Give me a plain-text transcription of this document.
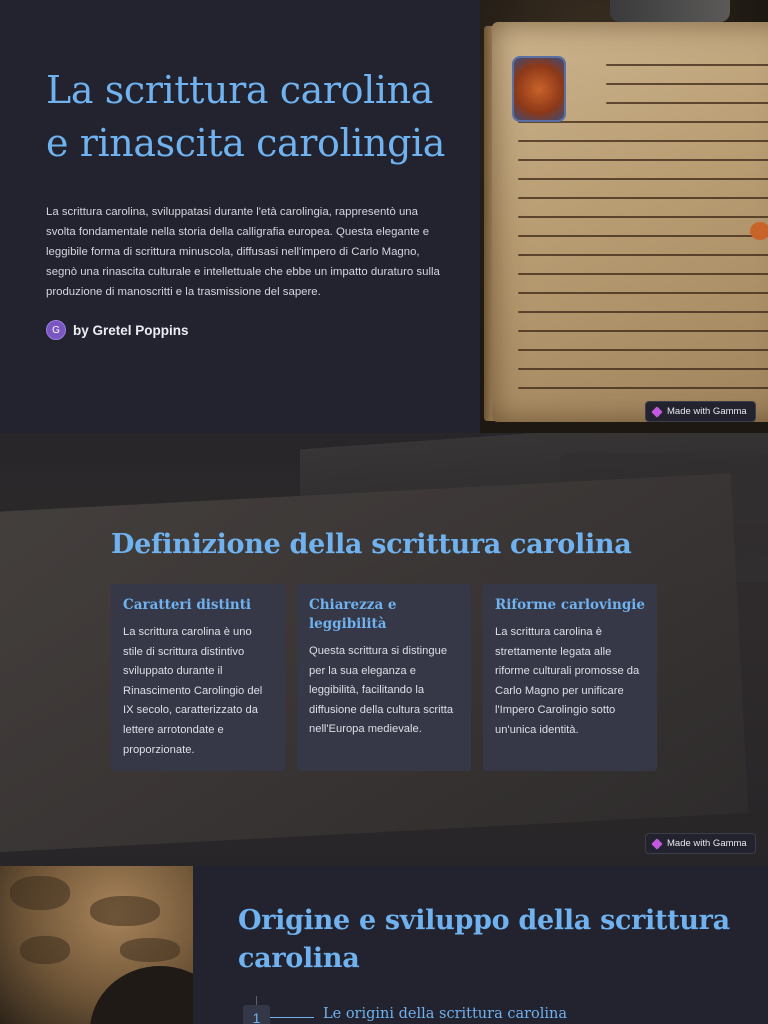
La scrittura carolina e rinascita carolingia

La scrittura carolina, sviluppatasi durante l'età carolingia, rappresentò una svolta fondamentale nella storia della calligrafia europea. Questa elegante e leggibile forma di scrittura minuscola, diffusasi nell'impero di Carlo Magno, segnò una rinascita culturale e intellettuale che ebbe un impatto duraturo sulla produzione di manoscritti e la trasmissione del sapere.

G by Gretel Poppins
Made with Gamma
Definizione della scrittura carolina
Caratteri distinti

La scrittura carolina è uno stile di scrittura distintivo sviluppato durante il Rinascimento Carolingio del IX secolo, caratterizzato da lettere arrotondate e proporzionate.

Chiarezza e leggibilità

Questa scrittura si distingue per la sua eleganza e leggibilità, facilitando la diffusione della cultura scritta nell'Europa medievale.

Riforme carlovingie

La scrittura carolina è strettamente legata alle riforme culturali promosse da Carlo Magno per unificare l'Impero Carolingio sotto un'unica identità.

Made with Gamma
Origine e sviluppo della scrittura carolina
1	Le origini della scrittura carolina
